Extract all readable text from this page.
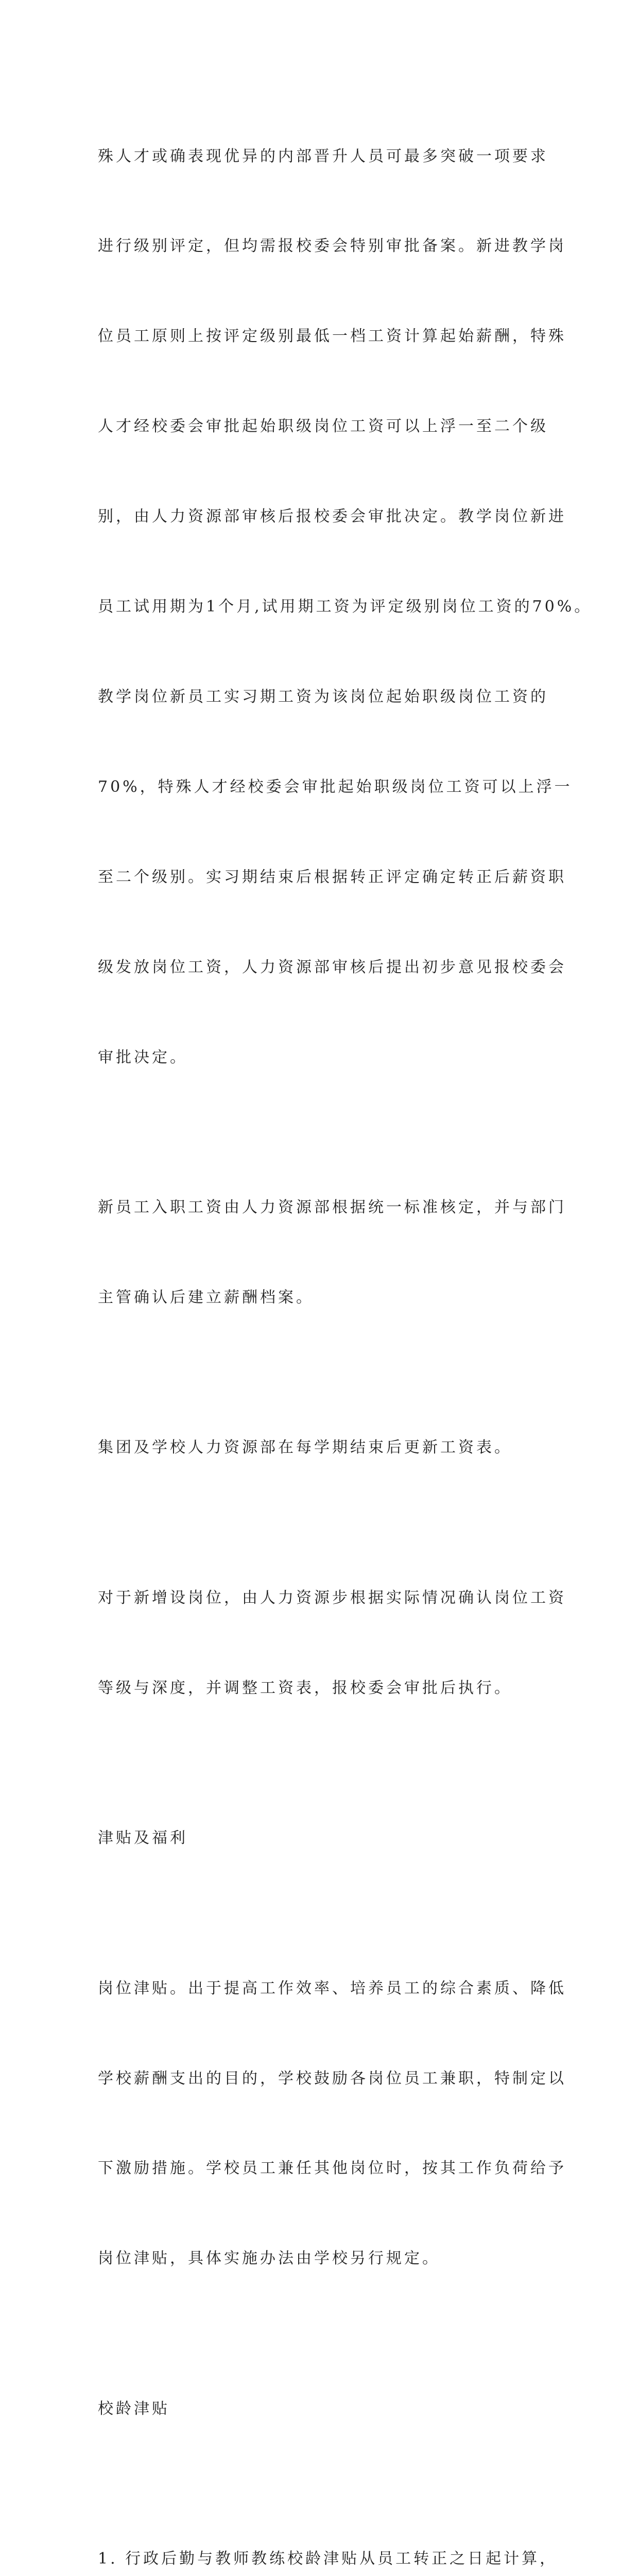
殊人才或确表现优异的内部晋升人员可最多突破一项要求

进行级别评定，但均需报校委会特别审批备案。新进教学岗

位员工原则上按评定级别最低一档工资计算起始薪酬，特殊

人才经校委会审批起始职级岗位工资可以上浮一至二个级

别，由人力资源部审核后报校委会审批决定。教学岗位新进

员工试用期为1个月,试用期工资为评定级别岗位工资的70%。

教学岗位新员工实习期工资为该岗位起始职级岗位工资的

70%，特殊人才经校委会审批起始职级岗位工资可以上浮一

至二个级别。实习期结束后根据转正评定确定转正后薪资职

级发放岗位工资，人力资源部审核后提出初步意见报校委会

审批决定。

新员工入职工资由人力资源部根据统一标准核定，并与部门

主管确认后建立薪酬档案。

集团及学校人力资源部在每学期结束后更新工资表。

对于新增设岗位，由人力资源步根据实际情况确认岗位工资

等级与深度，并调整工资表，报校委会审批后执行。

津贴及福利

岗位津贴。出于提高工作效率、培养员工的综合素质、降低

学校薪酬支出的目的，学校鼓励各岗位员工兼职，特制定以

下激励措施。学校员工兼任其他岗位时，按其工作负荷给予

岗位津贴，具体实施办法由学校另行规定。

校龄津贴

1. 行政后勤与教师教练校龄津贴从员工转正之日起计算，
